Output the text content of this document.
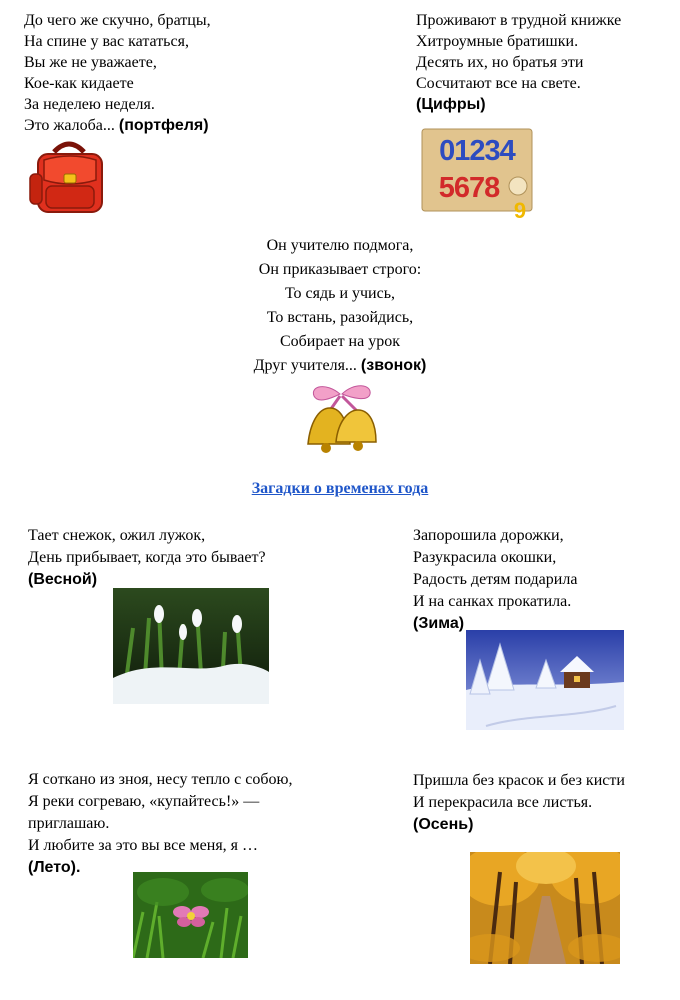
До чего же скучно, братцы,
На спине у вас кататься,
Вы же не уважаете,
Кое-как кидаете
За неделею неделя.
Это жалоба... (портфеля)
Проживают в трудной книжке
Хитроумные братишки.
Десять их, но братья эти
Сосчитают все на свете.
(Цифры)
01234
5678
9
Он учителю подмога,
Он приказывает строго:
То сядь и учись,
То встань, разойдись,
Собирает на урок
Друг учителя... (звонок)
Загадки о временах года
Тает снежок, ожил лужок,
День прибывает, когда это бывает?
(Весной)
Запорошила дорожки,
Разукрасила окошки,
Радость детям подарила
И на санках прокатила.
(Зима)
Я соткано из зноя, несу тепло с собою,
Я реки согреваю, «купайтесь!» —
приглашаю.
И любите за это вы все меня, я …
(Лето).
Пришла без красок и без кисти
И перекрасила все листья.
(Осень)
